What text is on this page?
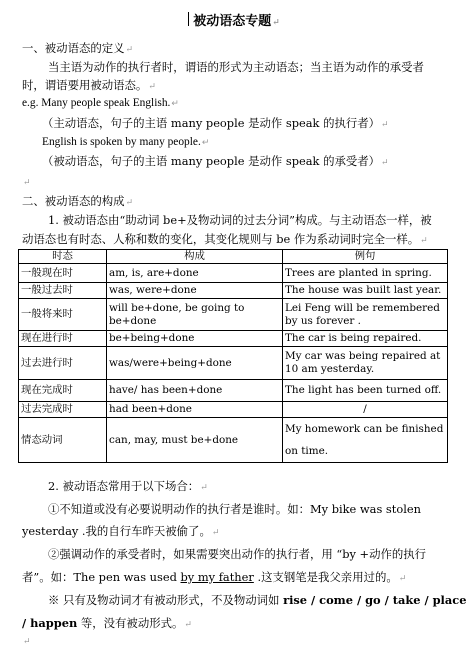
被动语态专题↵
一、被动语态的定义↵
当主语为动作的执行者时，谓语的形式为主动语态；当主语为动作的承受者
时，谓语要用被动语态。↵
e.g. Many people speak English.↵
（主动语态，句子的主语 many people 是动作 speak 的执行者）↵
English is spoken by many people.↵
（被动语态，句子的主语 many people 是动作 speak 的承受者）↵
↵
二、被动语态的构成↵
1. 被动语态由“助动词 be+及物动词的过去分词”构成。与主动语态一样，被
动语态也有时态、人称和数的变化，其变化规则与 be 作为系动词时完全一样。↵
时态	构成	例句
一般现在时	am, is, are+done	Trees are planted in spring.
一般过去时	was, were+done	The house was built last year.
一般将来时	will be+done, be going to be+done	Lei Feng will be remembered by us forever .
现在进行时	be+being+done	The car is being repaired.
过去进行时	was/were+being+done	My car was being repaired at 10 am yesterday.
现在完成时	have/ has been+done	The light has been turned off.
过去完成时	had been+done	/
情态动词	can, may, must be+done	My homework can be finished on time.
2. 被动语态常用于以下场合：↵
①不知道或没有必要说明动作的执行者是谁时。如：My bike was stolen
yesterday .我的自行车昨天被偷了。↵
②强调动作的承受者时，如果需要突出动作的执行者，用 “by +动作的执行
者”。如：The pen was used by my father .这支钢笔是我父亲用过的。↵
※ 只有及物动词才有被动形式，不及物动词如 rise / come / go / take / place
/ happen 等，没有被动形式。↵
↵
